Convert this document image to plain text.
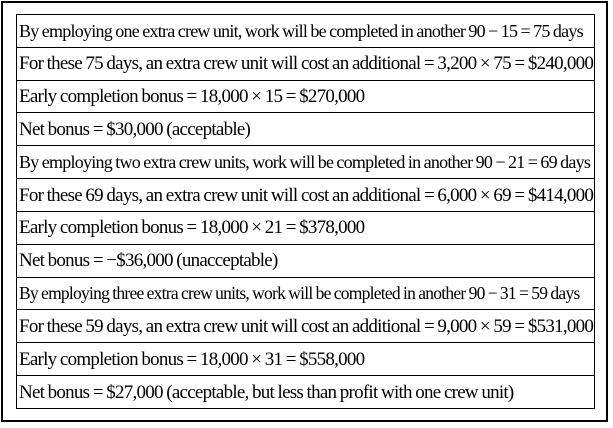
By employing one extra crew unit, work will be completed in another 90 − 15 = 75 days
For these 75 days, an extra crew unit will cost an additional = 3,200 × 75 = $240,000
Early completion bonus = 18,000 × 15 = $270,000
Net bonus = $30,000 (acceptable)
By employing two extra crew units, work will be completed in another 90 − 21 = 69 days
For these 69 days, an extra crew unit will cost an additional = 6,000 × 69 = $414,000
Early completion bonus = 18,000 × 21 = $378,000
Net bonus = −$36,000 (unacceptable)
By employing three extra crew units, work will be completed in another 90 − 31 = 59 days
For these 59 days, an extra crew unit will cost an additional = 9,000 × 59 = $531,000
Early completion bonus = 18,000 × 31 = $558,000
Net bonus = $27,000 (acceptable, but less than profit with one crew unit)
